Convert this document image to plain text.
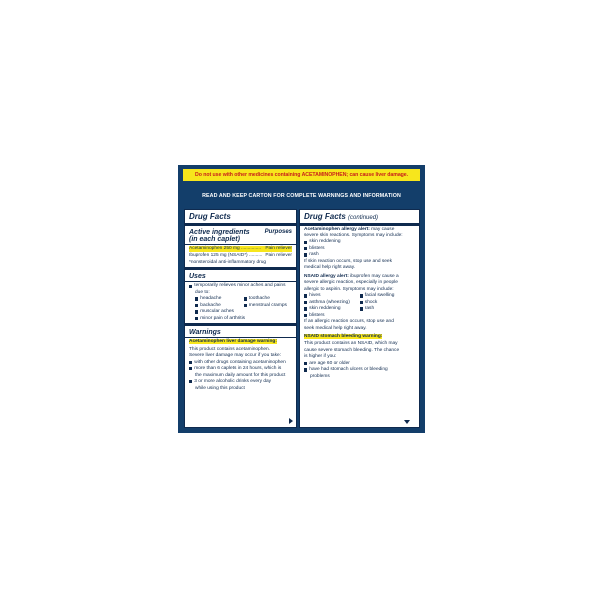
Do not use with other medicines containing ACETAMINOPHEN; can cause liver damage.
READ AND KEEP CARTON FOR COMPLETE WARNINGS AND INFORMATION
Drug Facts
Active ingredients Purposes
(in each caplet)
Acetaminophen 250 mg ............... Pain reliever
Ibuprofen 125 mg (NSAID*) .......... Pain reliever

*nonsteroidal anti-inflammatory drug

Uses
temporarily relieves minor aches and pains

due to:

headache	toothache
backache	menstrual cramps
muscular aches
minor pain of arthritis
Warnings

Acetaminophen liver damage warning:

This product contains acetaminophen.

Severe liver damage may occur if you take:

with other drugs containing acetaminophen
more than 6 caplets in 24 hours, which is

the maximum daily amount for this product

3 or more alcoholic drinks every day

while using this product

Drug Facts (continued)

Acetaminophen allergy alert: may cause

severe skin reactions. Symptoms may include:

skin reddening
blisters
rash

If skin reaction occurs, stop use and seek

medical help right away.

NSAID allergy alert: ibuprofen may cause a

severe allergic reaction, especially in people

allergic to aspirin. Symptoms may include:

hives	facial swelling
asthma (wheezing)	shock
skin reddening	rash
blisters

If an allergic reaction occurs, stop use and

seek medical help right away.

NSAID stomach bleeding warning:

This product contains an NSAID, which may

cause severe stomach bleeding. The chance

is higher if you:

are age 60 or older
have had stomach ulcers or bleeding

problems
